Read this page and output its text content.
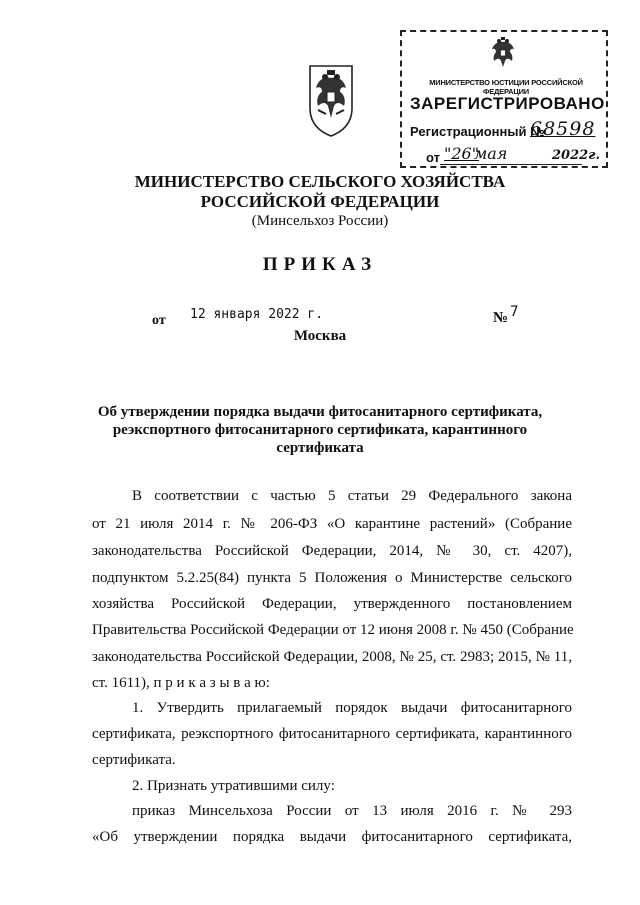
МИНИСТЕРСТВО ЮСТИЦИИ РОССИЙСКОЙ ФЕДЕРАЦИИ
ЗАРЕГИСТРИРОВАНО
Регистрационный №
68598
от "26"
мая	2022г.
МИНИСТЕРСТВО СЕЛЬСКОГО ХОЗЯЙСТВА
РОССИЙСКОЙ ФЕДЕРАЦИИ
(Минсельхоз России)
ПРИКАЗ
от 12 января 2022 г.	№ 7
Москва
Об утверждении порядка выдачи фитосанитарного сертификата,
реэкспортного фитосанитарного сертификата, карантинного
сертификата
В соответствии с частью 5 статьи 29 Федерального закона
от 21 июля 2014 г. № 206-ФЗ «О карантине растений» (Собрание
законодательства Российской Федерации, 2014, № 30, ст. 4207),
подпунктом 5.2.25(84) пункта 5 Положения о Министерстве сельского
хозяйства Российской Федерации, утвержденного постановлением
Правительства Российской Федерации от 12 июня 2008 г. № 450 (Собрание
законодательства Российской Федерации, 2008, № 25, ст. 2983; 2015, № 11,
ст. 1611), п р и к а з ы в а ю:
1. Утвердить прилагаемый порядок выдачи фитосанитарного
сертификата, реэкспортного фитосанитарного сертификата, карантинного
сертификата.
2. Признать утратившими силу:
приказ Минсельхоза России от 13 июля 2016 г. № 293
«Об утверждении порядка выдачи фитосанитарного сертификата,
